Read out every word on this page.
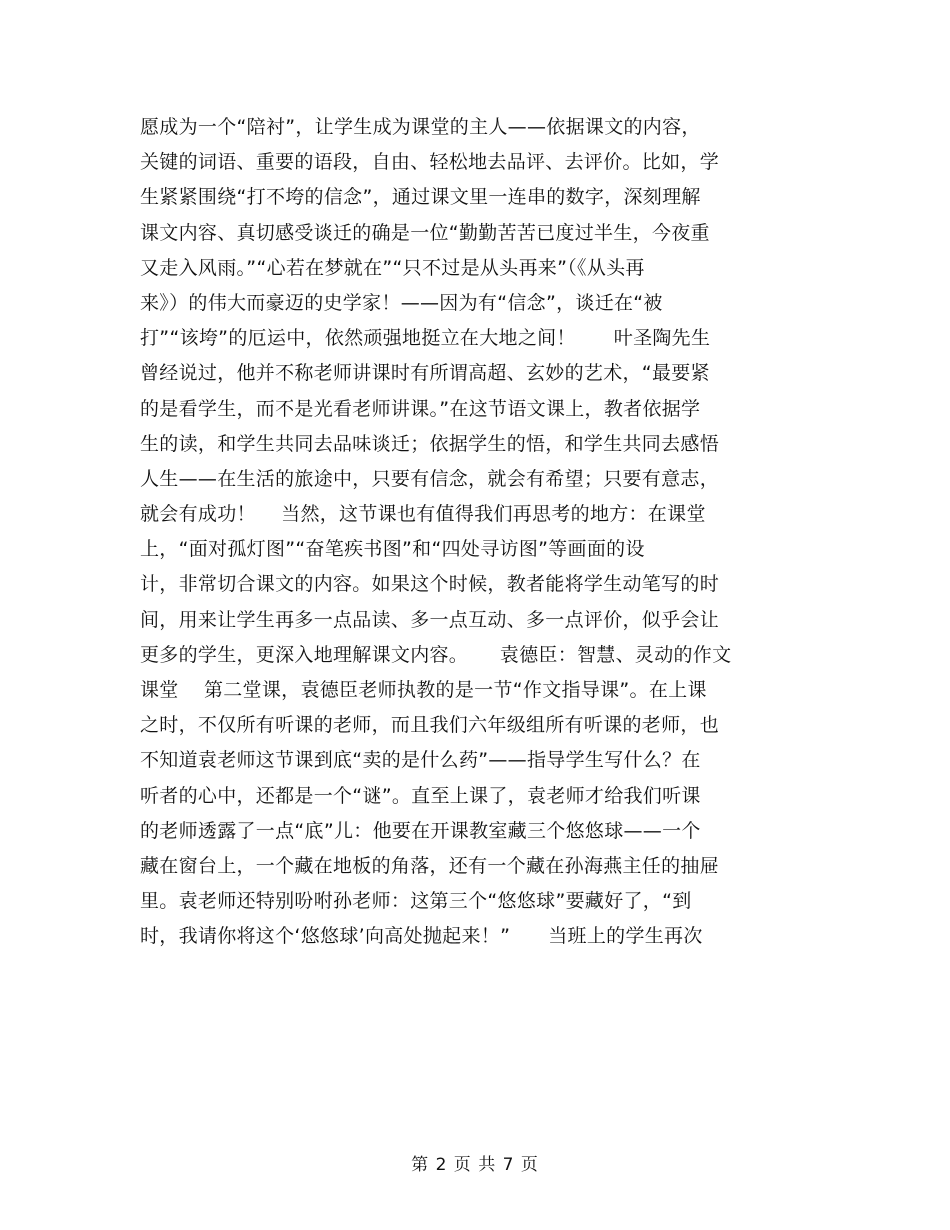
愿成为一个“陪衬”，让学生成为课堂的主人——依据课文的内容，
关键的词语、重要的语段，自由、轻松地去品评、去评价。比如，学
生紧紧围绕“打不垮的信念”，通过课文里一连串的数字，深刻理解
课文内容、真切感受谈迁的确是一位“勤勤苦苦已度过半生，今夜重
又走入风雨。”“心若在梦就在”“只不过是从头再来”（《从头再
来》）的伟大而豪迈的史学家！——因为有“信念”，谈迁在“被
打”“该垮”的厄运中，依然顽强地挺立在大地之间！      叶圣陶先生
曾经说过，他并不称老师讲课时有所谓高超、玄妙的艺术，“最要紧
的是看学生，而不是光看老师讲课。”在这节语文课上，教者依据学
生的读，和学生共同去品味谈迁；依据学生的悟，和学生共同去感悟
人生——在生活的旅途中，只要有信念，就会有希望；只要有意志，
就会有成功！    当然，这节课也有值得我们再思考的地方：在课堂
上，“面对孤灯图”“奋笔疾书图”和“四处寻访图”等画面的设
计，非常切合课文的内容。如果这个时候，教者能将学生动笔写的时
间，用来让学生再多一点品读、多一点互动、多一点评价，似乎会让
更多的学生，更深入地理解课文内容。     袁德臣：智慧、灵动的作文
课堂    第二堂课，袁德臣老师执教的是一节“作文指导课”。在上课
之时，不仅所有听课的老师，而且我们六年级组所有听课的老师，也
不知道袁老师这节课到底“卖的是什么药”——指导学生写什么？在
听者的心中，还都是一个“谜”。直至上课了，袁老师才给我们听课
的老师透露了一点“底”儿：他要在开课教室藏三个悠悠球——一个
藏在窗台上，一个藏在地板的角落，还有一个藏在孙海燕主任的抽屉
里。袁老师还特别吩咐孙老师：这第三个“悠悠球”要藏好了，“到
时，我请你将这个‘悠悠球’向高处抛起来！”      当班上的学生再次
第 2 页 共 7 页
